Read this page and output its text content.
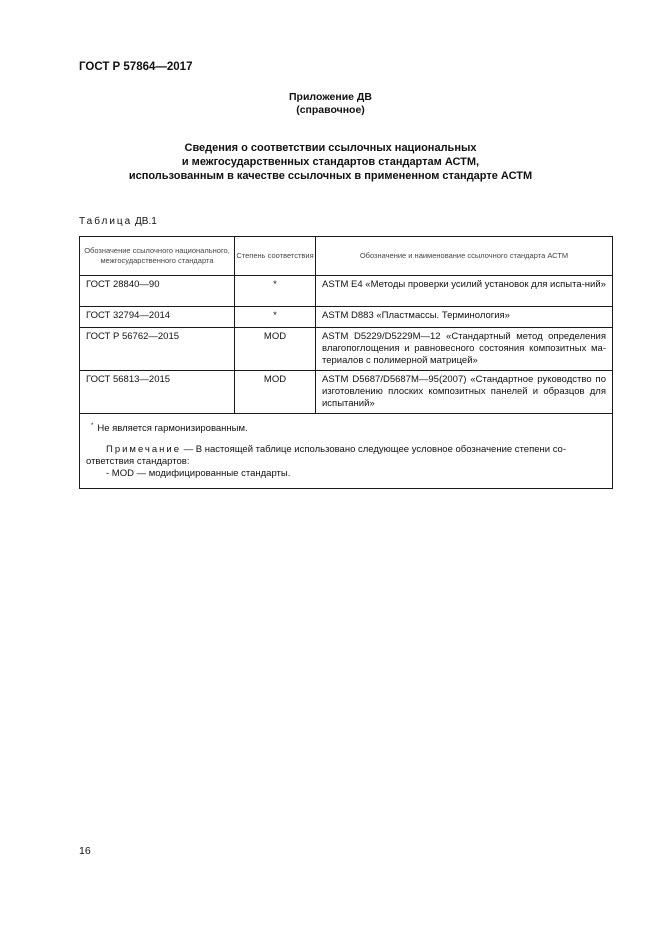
ГОСТ Р 57864—2017
Приложение ДВ
(справочное)
Сведения о соответствии ссылочных национальных
и межгосударственных стандартов стандартам АСТМ,
использованным в качестве ссылочных в примененном стандарте АСТМ
Таблица ДВ.1
Обозначение ссылочного национального, межгосударственного стандарта	Степень соответствия	Обозначение и наименование ссылочного стандарта АСТМ
ГОСТ 28840—90	*	ASTM E4 «Методы проверки усилий установок для испыта-ний»
ГОСТ 32794—2014	*	ASTM D883 «Пластмассы. Терминология»
ГОСТ Р 56762—2015	MOD	ASTM D5229/D5229M—12 «Стандартный метод определения влагопоглощения и равновесного состояния композитных ма-териалов с полимерной матрицей»
ГОСТ 56813—2015	MOD	ASTM D5687/D5687M—95(2007) «Стандартное руководство по изготовлению плоских композитных панелей и образцов для испытаний»

* Не является гармонизированным.
Примечание — В настоящей таблице использовано следующее условное обозначение степени со-ответствия стандартов:
- MOD — модифицированные стандарты.		
16
